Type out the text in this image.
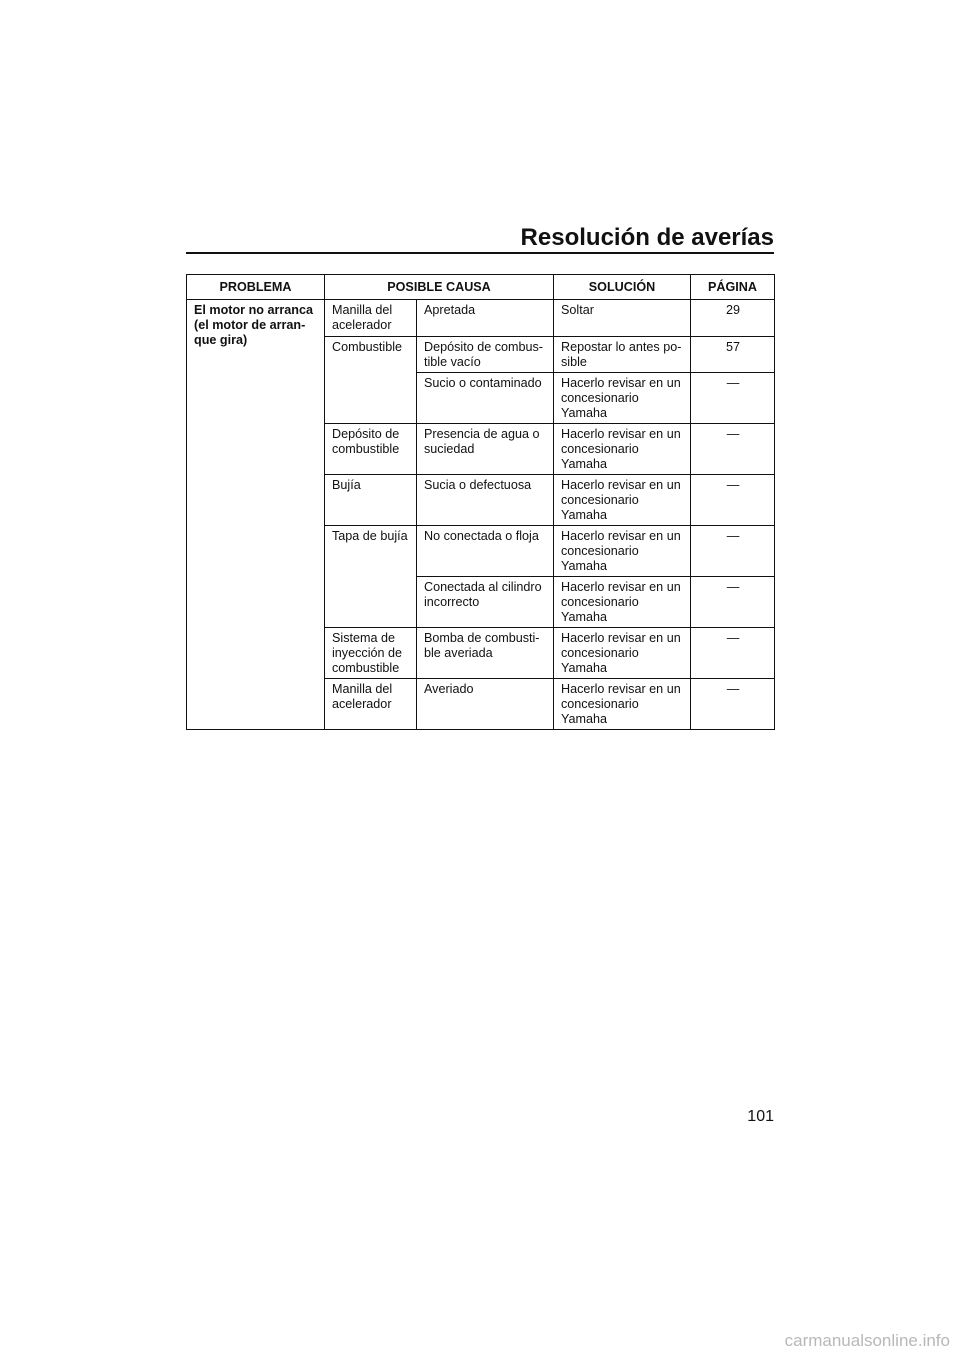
Resolución de averías
PROBLEMA	POSIBLE CAUSA		SOLUCIÓN	PÁGINA
El motor no arranca (el motor de arran-que gira)	Manilla del acelerador	Apretada	Soltar	29
	Combustible	Depósito de combus-tible vacío	Repostar lo antes po-sible	57
		Sucio o contaminado	Hacerlo revisar en un concesionario Yamaha	—
	Depósito de combustible	Presencia de agua o suciedad	Hacerlo revisar en un concesionario Yamaha	—
	Bujía	Sucia o defectuosa	Hacerlo revisar en un concesionario Yamaha	—
	Tapa de bujía	No conectada o floja	Hacerlo revisar en un concesionario Yamaha	—
		Conectada al cilindro incorrecto	Hacerlo revisar en un concesionario Yamaha	—
	Sistema de inyección de combustible	Bomba de combusti-ble averiada	Hacerlo revisar en un concesionario Yamaha	—
	Manilla del acelerador	Averiado	Hacerlo revisar en un concesionario Yamaha	—
101
carmanualsonline.info
